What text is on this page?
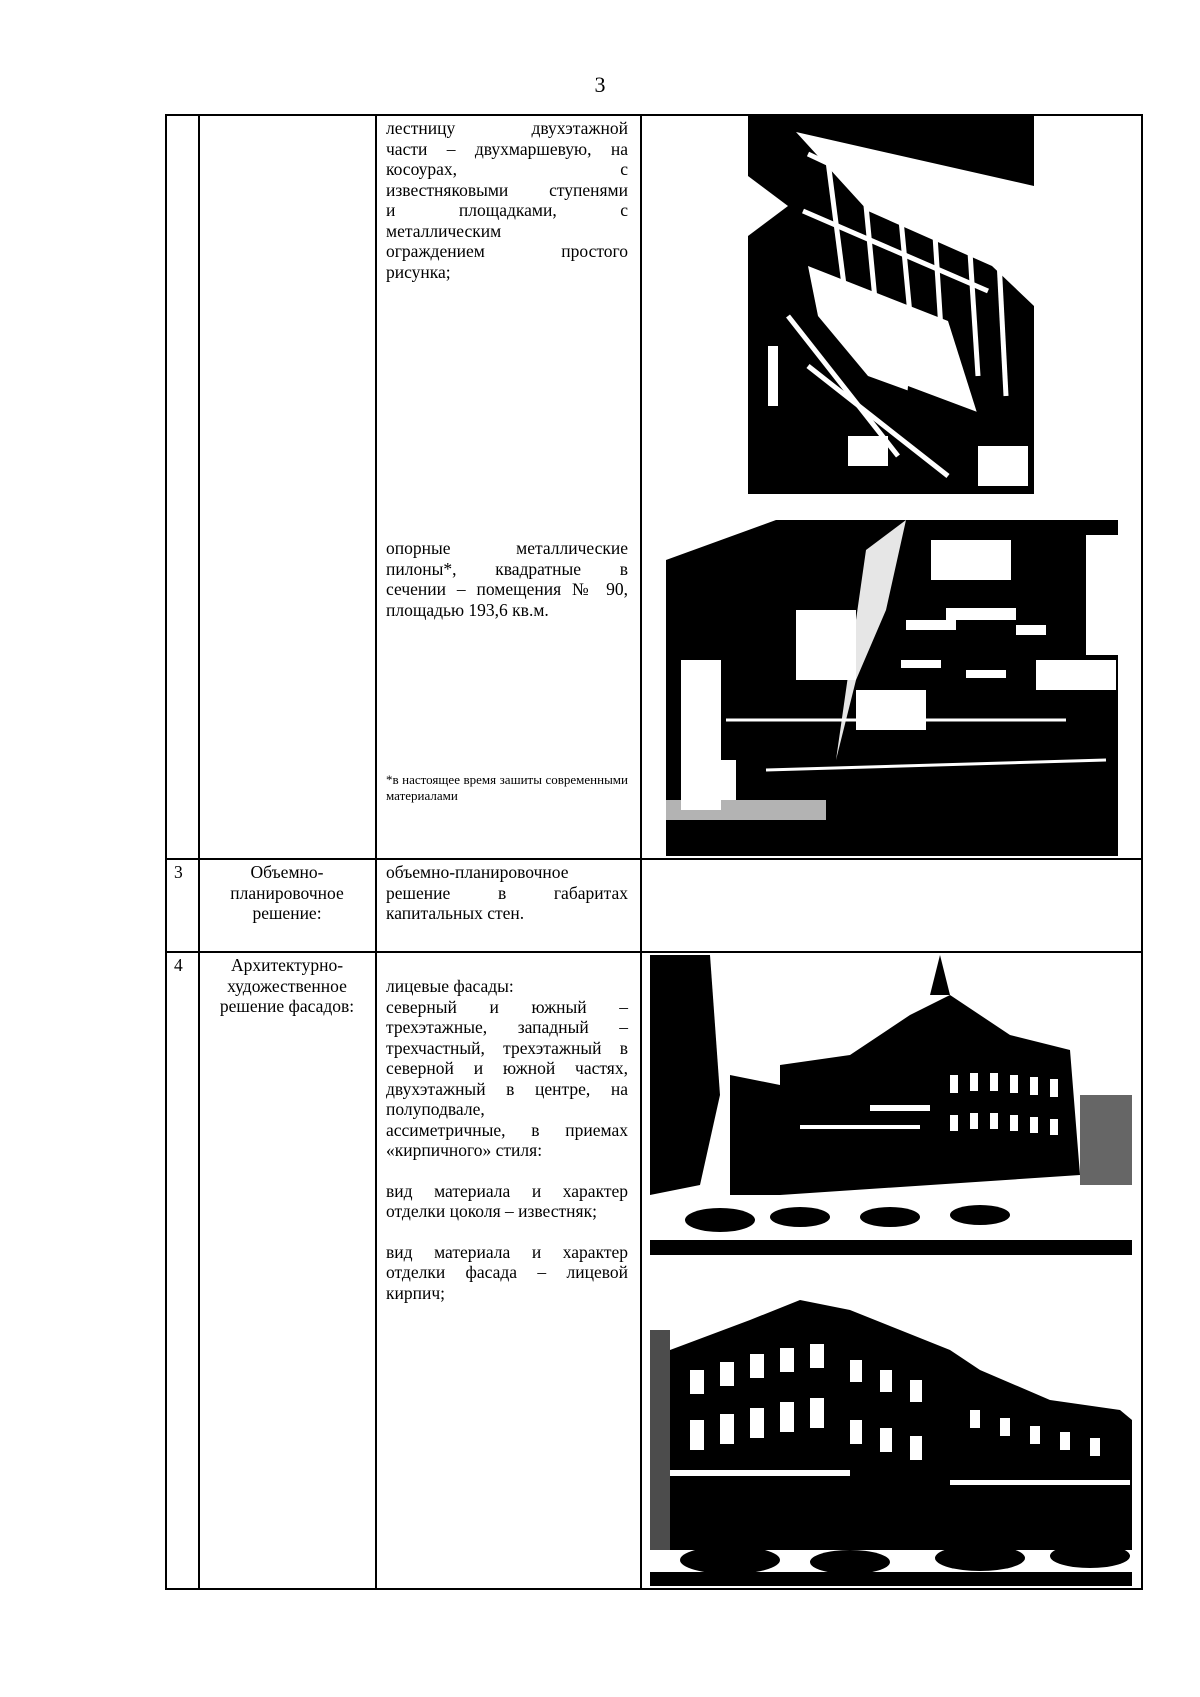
3
лестницу двухэтажной
части – двухмаршевую, на
косоурах, с
известняковыми ступенями
и площадками, с
металлическим
ограждением простого
рисунка;
опорные металлические
пилоны*, квадратные в
сечении – помещения № 90,
площадью 193,6 кв.м.
*в настоящее время зашиты современными материалами
3	Объемно-планировочное решение:
объемно-планировочное решение в габаритах капитальных стен.
4	Архитектурно-художественное решение фасадов:
лицевые фасады:
северный и южный – трехэтажные, западный – трехчастный, трехэтажный в северной и южной частях, двухэтажный в центре, на полуподвале,
ассиметричные, в приемах «кирпичного» стиля:
вид материала и характер отделки цоколя – известняк;
вид материала и характер отделки фасада – лицевой кирпич;
